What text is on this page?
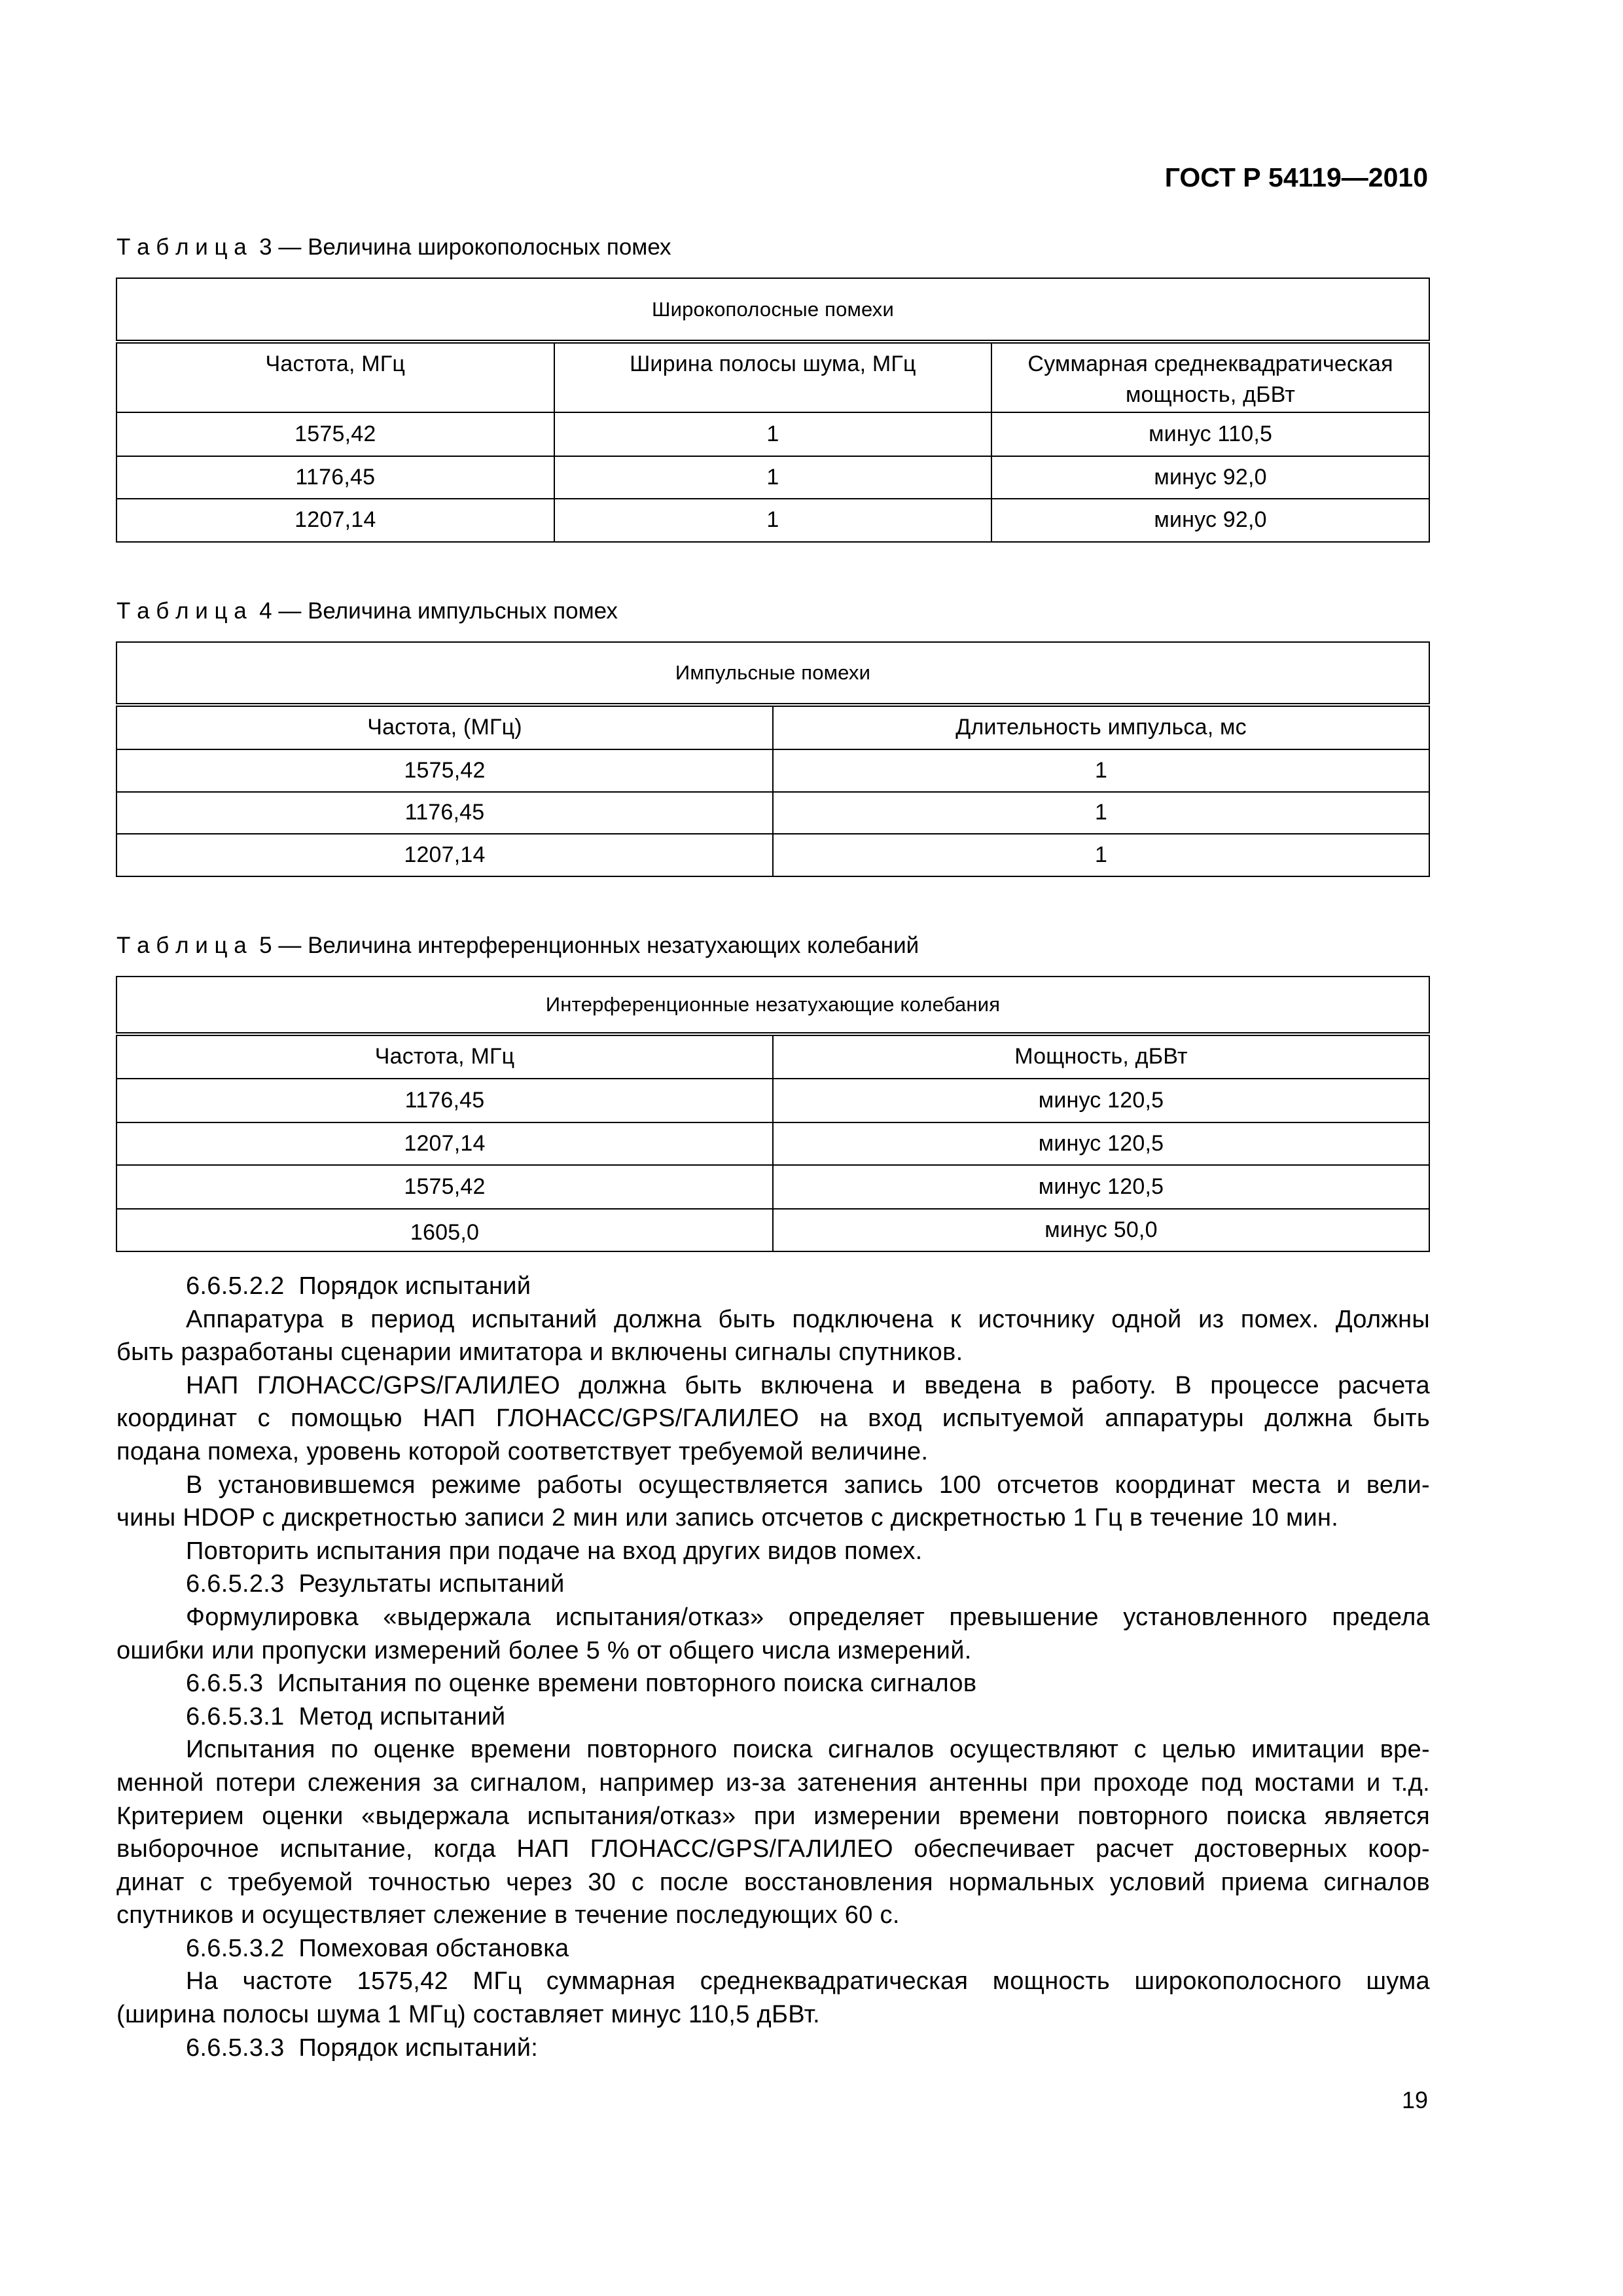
ГОСТ Р 54119—2010
Т а б л и ц а  3 — Величина широкополосных помех
Широкополосные помехи		
Частота, МГц	Ширина полосы шума, МГц	Суммарная среднеквадратическая мощность, дБВт
1575,42	1	минус 110,5
1176,45	1	минус 92,0
1207,14	1	минус 92,0
Т а б л и ц а  4 — Величина импульсных помех
Импульсные помехи	
Частота, (МГц)	Длительность импульса, мс
1575,42	1
1176,45	1
1207,14	1
Т а б л и ц а  5 — Величина интерференционных незатухающих колебаний
Интерференционные незатухающие колебания	
Частота, МГц	Мощность, дБВт
1176,45	минус 120,5
1207,14	минус 120,5
1575,42	минус 120,5
1605,0	минус 50,0
6.6.5.2.2  Порядок испытаний
Аппаратура в период испытаний должна быть подключена к источнику одной из помех. Должны
быть разработаны сценарии имитатора и включены сигналы спутников.
НАП ГЛОНАСС/GPS/ГАЛИЛЕО должна быть включена и введена в работу. В процессе расчета
координат с помощью НАП ГЛОНАСС/GPS/ГАЛИЛЕО на вход испытуемой аппаратуры должна быть
подана помеха, уровень которой соответствует требуемой величине.
В установившемся режиме работы осуществляется запись 100 отсчетов координат места и вели-
чины HDOP с дискретностью записи 2 мин или запись отсчетов с дискретностью 1 Гц в течение 10 мин.
Повторить испытания при подаче на вход других видов помех.
6.6.5.2.3  Результаты испытаний
Формулировка «выдержала испытания/отказ» определяет превышение установленного предела
ошибки или пропуски измерений более 5 % от общего числа измерений.
6.6.5.3  Испытания по оценке времени повторного поиска сигналов
6.6.5.3.1  Метод испытаний
Испытания по оценке времени повторного поиска сигналов осуществляют с целью имитации вре-
менной потери слежения за сигналом, например из-за затенения антенны при проходе под мостами и т.д.
Критерием оценки «выдержала испытания/отказ» при измерении времени повторного поиска является
выборочное испытание, когда НАП ГЛОНАСС/GPS/ГАЛИЛЕО обеспечивает расчет достоверных коор-
динат с требуемой точностью через 30 с после восстановления нормальных условий приема сигналов
спутников и осуществляет слежение в течение последующих 60 с.
6.6.5.3.2  Помеховая обстановка
На частоте 1575,42 МГц суммарная среднеквадратическая мощность широкополосного шума
(ширина полосы шума 1 МГц) составляет минус 110,5 дБВт.
6.6.5.3.3  Порядок испытаний:
19
